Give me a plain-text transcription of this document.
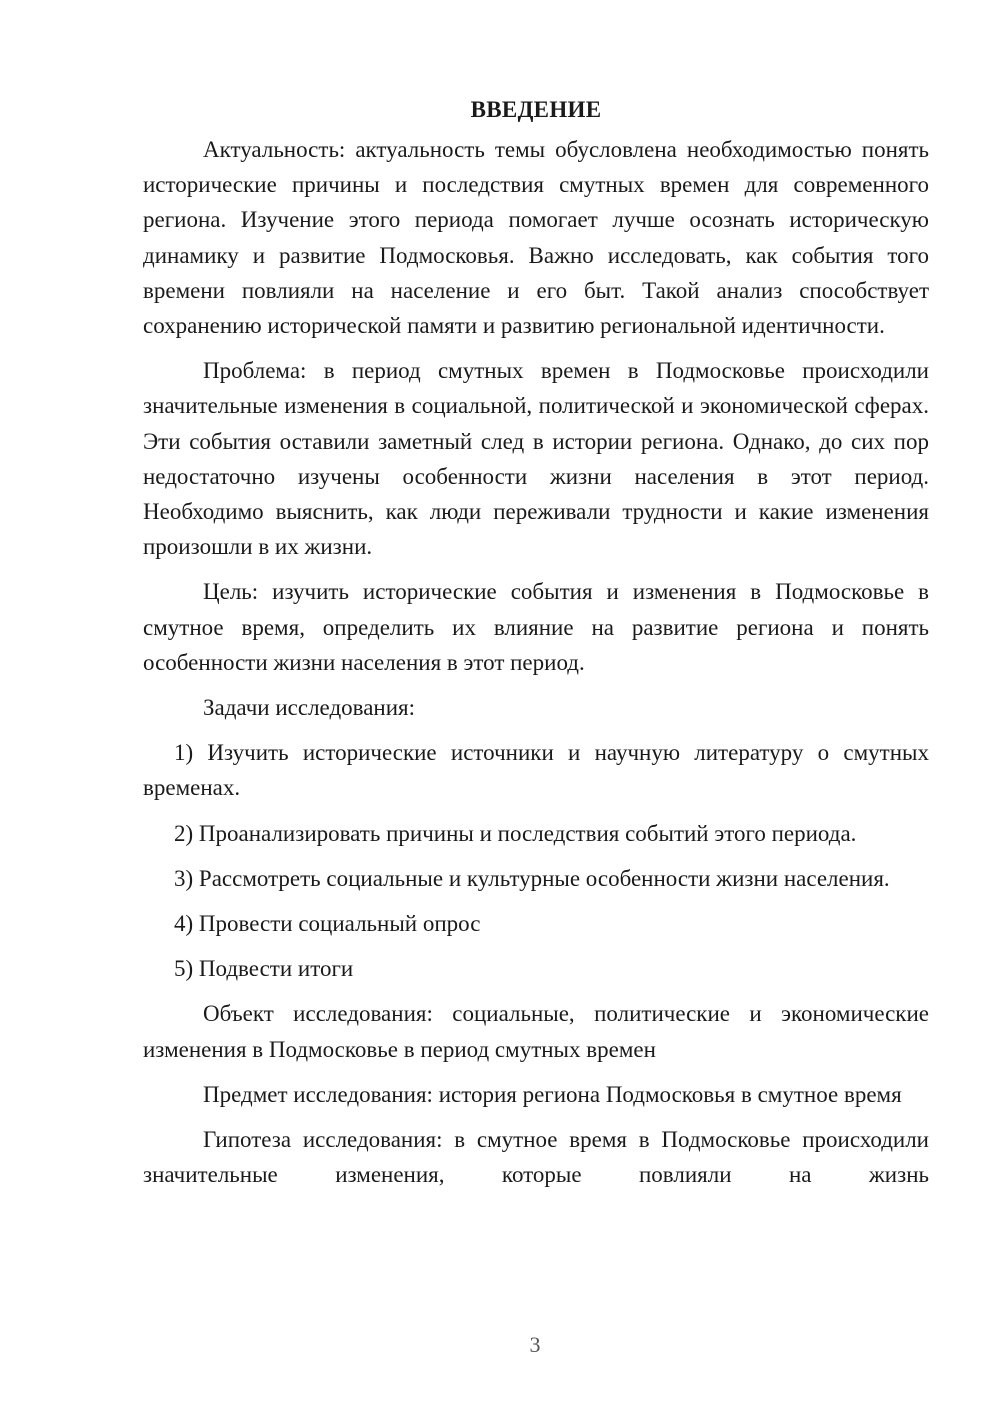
ВВЕДЕНИЕ

Актуальность: актуальность темы обусловлена необходимостью понять исторические причины и последствия смутных времен для современного региона. Изучение этого периода помогает лучше осознать историческую динамику и развитие Подмосковья. Важно исследовать, как события того времени повлияли на население и его быт. Такой анализ способствует сохранению исторической памяти и развитию региональной идентичности.

Проблема: в период смутных времен в Подмосковье происходили значительные изменения в социальной, политической и экономической сферах. Эти события оставили заметный след в истории региона. Однако, до сих пор недостаточно изучены особенности жизни населения в этот период. Необходимо выяснить, как люди переживали трудности и какие изменения произошли в их жизни.

Цель: изучить исторические события и изменения в Подмосковье в смутное время, определить их влияние на развитие региона и понять особенности жизни населения в этот период.

Задачи исследования:

1) Изучить исторические источники и научную литературу о смутных временах.

2) Проанализировать причины и последствия событий этого периода.

3) Рассмотреть социальные и культурные особенности жизни населения.

4) Провести социальный опрос

5) Подвести итоги

Объект исследования: социальные, политические и экономические изменения в Подмосковье в период смутных времен

Предмет исследования: история региона Подмосковья в смутное время

Гипотеза исследования: в смутное время в Подмосковье происходили значительные изменения, которые повлияли на жизнь

3
